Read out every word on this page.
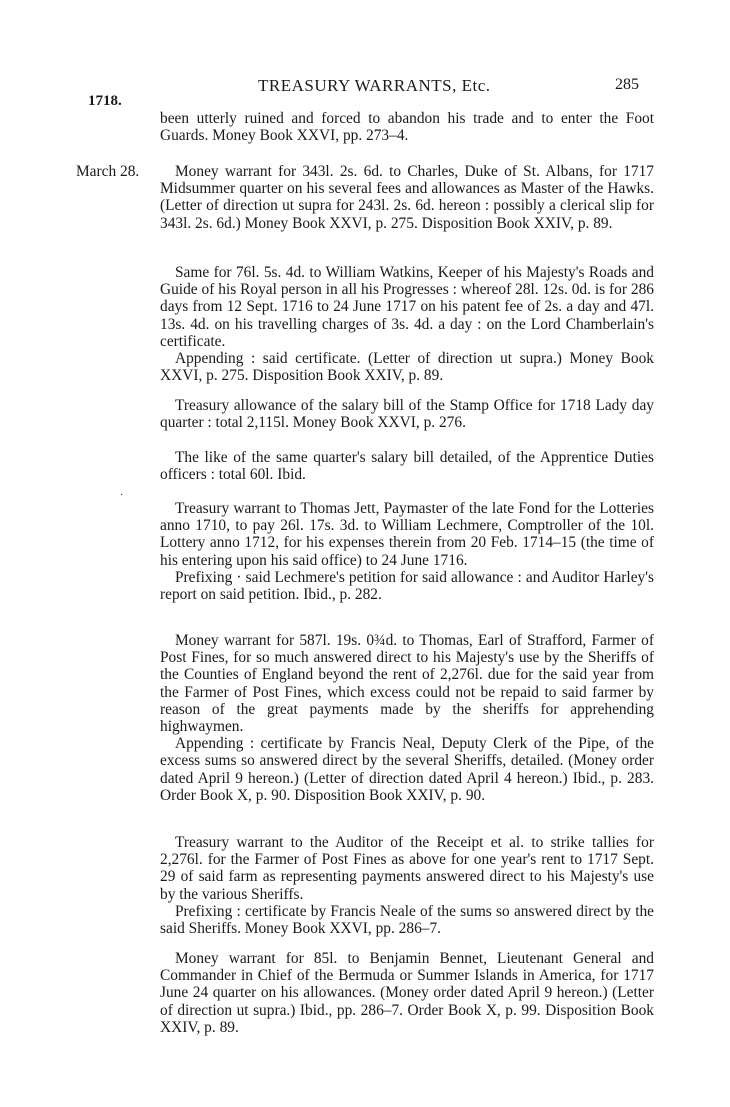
TREASURY WARRANTS, Etc.	285
1718.
March 28.
·

been utterly ruined and forced to abandon his trade and to enter the Foot Guards. Money Book XXVI, pp. 273–4.

Money warrant for 343l. 2s. 6d. to Charles, Duke of St. Albans, for 1717 Midsummer quarter on his several fees and allowances as Master of the Hawks. (Letter of direction ut supra for 243l. 2s. 6d. hereon : possibly a clerical slip for 343l. 2s. 6d.) Money Book XXVI, p. 275. Disposition Book XXIV, p. 89.

Same for 76l. 5s. 4d. to William Watkins, Keeper of his Majesty's Roads and Guide of his Royal person in all his Progresses : whereof 28l. 12s. 0d. is for 286 days from 12 Sept. 1716 to 24 June 1717 on his patent fee of 2s. a day and 47l. 13s. 4d. on his travelling charges of 3s. 4d. a day : on the Lord Chamberlain's certificate.

Appending : said certificate. (Letter of direction ut supra.) Money Book XXVI, p. 275. Disposition Book XXIV, p. 89.

Treasury allowance of the salary bill of the Stamp Office for 1718 Lady day quarter : total 2,115l. Money Book XXVI, p. 276.

The like of the same quarter's salary bill detailed, of the Apprentice Duties officers : total 60l. Ibid.

Treasury warrant to Thomas Jett, Paymaster of the late Fond for the Lotteries anno 1710, to pay 26l. 17s. 3d. to William Lechmere, Comptroller of the 10l. Lottery anno 1712, for his expenses therein from 20 Feb. 1714–15 (the time of his entering upon his said office) to 24 June 1716.

Prefixing · said Lechmere's petition for said allowance : and Auditor Harley's report on said petition. Ibid., p. 282.

Money warrant for 587l. 19s. 0¾d. to Thomas, Earl of Strafford, Farmer of Post Fines, for so much answered direct to his Majesty's use by the Sheriffs of the Counties of England beyond the rent of 2,276l. due for the said year from the Farmer of Post Fines, which excess could not be repaid to said farmer by reason of the great payments made by the sheriffs for apprehending highwaymen.

Appending : certificate by Francis Neal, Deputy Clerk of the Pipe, of the excess sums so answered direct by the several Sheriffs, detailed. (Money order dated April 9 hereon.) (Letter of direction dated April 4 hereon.) Ibid., p. 283. Order Book X, p. 90. Disposition Book XXIV, p. 90.

Treasury warrant to the Auditor of the Receipt et al. to strike tallies for 2,276l. for the Farmer of Post Fines as above for one year's rent to 1717 Sept. 29 of said farm as representing payments answered direct to his Majesty's use by the various Sheriffs.

Prefixing : certificate by Francis Neale of the sums so answered direct by the said Sheriffs. Money Book XXVI, pp. 286–7.

Money warrant for 85l. to Benjamin Bennet, Lieutenant General and Commander in Chief of the Bermuda or Summer Islands in America, for 1717 June 24 quarter on his allowances. (Money order dated April 9 hereon.) (Letter of direction ut supra.) Ibid., pp. 286–7. Order Book X, p. 99. Disposition Book XXIV, p. 89.
